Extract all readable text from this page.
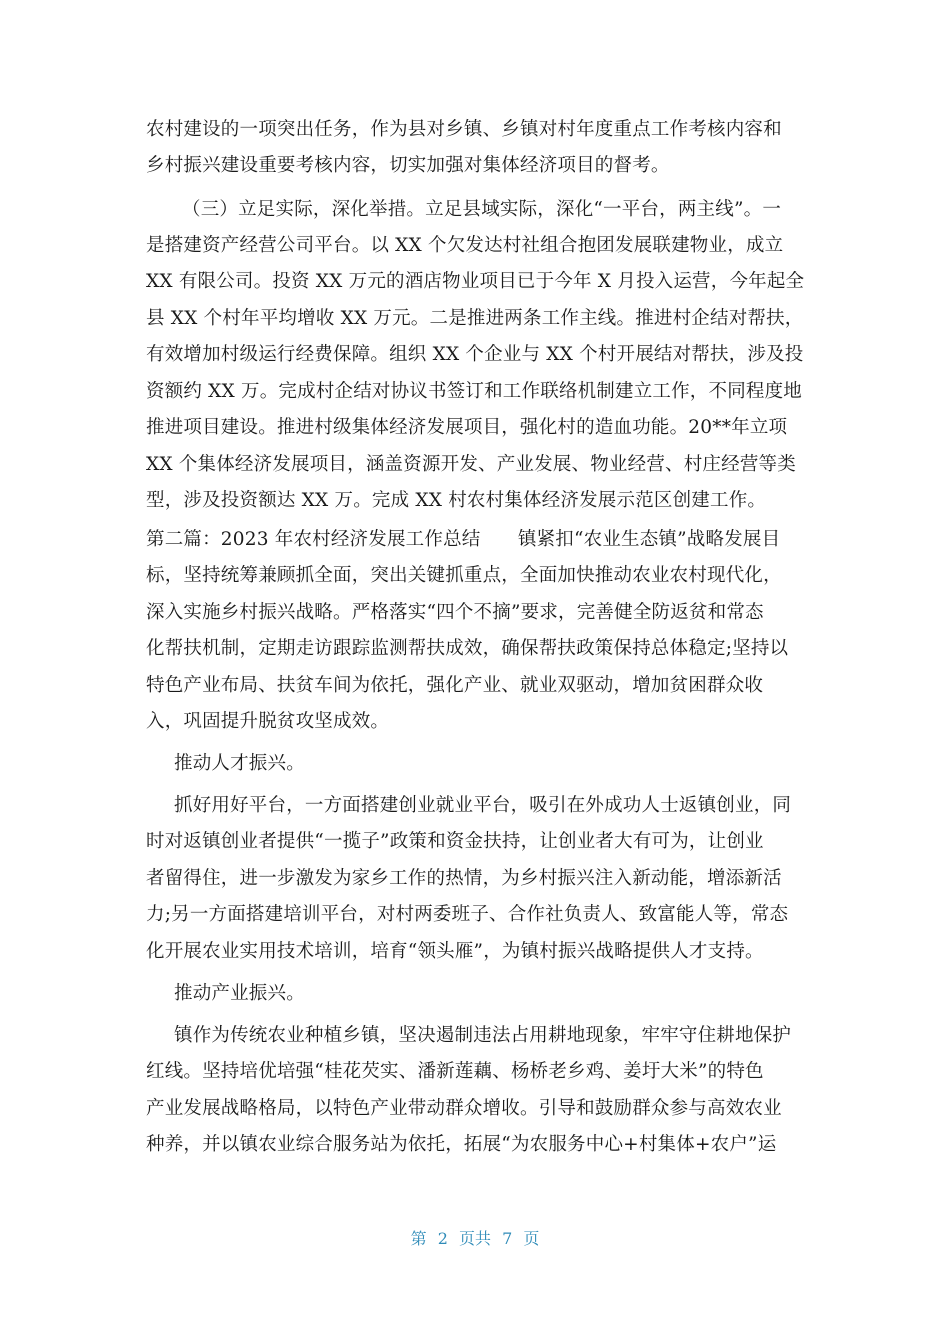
农村建设的一项突出任务，作为县对乡镇、乡镇对村年度重点工作考核内容和
乡村振兴建设重要考核内容，切实加强对集体经济项目的督考。
（三）立足实际，深化举措。立足县域实际，深化“一平台，两主线”。一
是搭建资产经营公司平台。以 XX 个欠发达村社组合抱团发展联建物业，成立
XX 有限公司。投资 XX 万元的酒店物业项目已于今年 X 月投入运营，今年起全
县 XX 个村年平均增收 XX 万元。二是推进两条工作主线。推进村企结对帮扶，
有效增加村级运行经费保障。组织 XX 个企业与 XX 个村开展结对帮扶，涉及投
资额约 XX 万。完成村企结对协议书签订和工作联络机制建立工作，不同程度地
推进项目建设。推进村级集体经济发展项目，强化村的造血功能。20**年立项
XX 个集体经济发展项目，涵盖资源开发、产业发展、物业经营、村庄经营等类
型，涉及投资额达 XX 万。完成 XX 村农村集体经济发展示范区创建工作。
第二篇：2023 年农村经济发展工作总结　　镇紧扣“农业生态镇”战略发展目
标，坚持统筹兼顾抓全面，突出关键抓重点，全面加快推动农业农村现代化，
深入实施乡村振兴战略。严格落实“四个不摘”要求，完善健全防返贫和常态
化帮扶机制，定期走访跟踪监测帮扶成效，确保帮扶政策保持总体稳定;坚持以
特色产业布局、扶贫车间为依托，强化产业、就业双驱动，增加贫困群众收
入，巩固提升脱贫攻坚成效。
推动人才振兴。
抓好用好平台，一方面搭建创业就业平台，吸引在外成功人士返镇创业，同
时对返镇创业者提供“一揽子”政策和资金扶持，让创业者大有可为，让创业
者留得住，进一步激发为家乡工作的热情，为乡村振兴注入新动能，增添新活
力;另一方面搭建培训平台，对村两委班子、合作社负责人、致富能人等，常态
化开展农业实用技术培训，培育“领头雁”，为镇村振兴战略提供人才支持。
推动产业振兴。
镇作为传统农业种植乡镇，坚决遏制违法占用耕地现象，牢牢守住耕地保护
红线。坚持培优培强“桂花芡实、潘新莲藕、杨桥老乡鸡、姜圩大米”的特色
产业发展战略格局，以特色产业带动群众增收。引导和鼓励群众参与高效农业
种养，并以镇农业综合服务站为依托，拓展“为农服务中心+村集体+农户”运
第 2 页共 7 页
